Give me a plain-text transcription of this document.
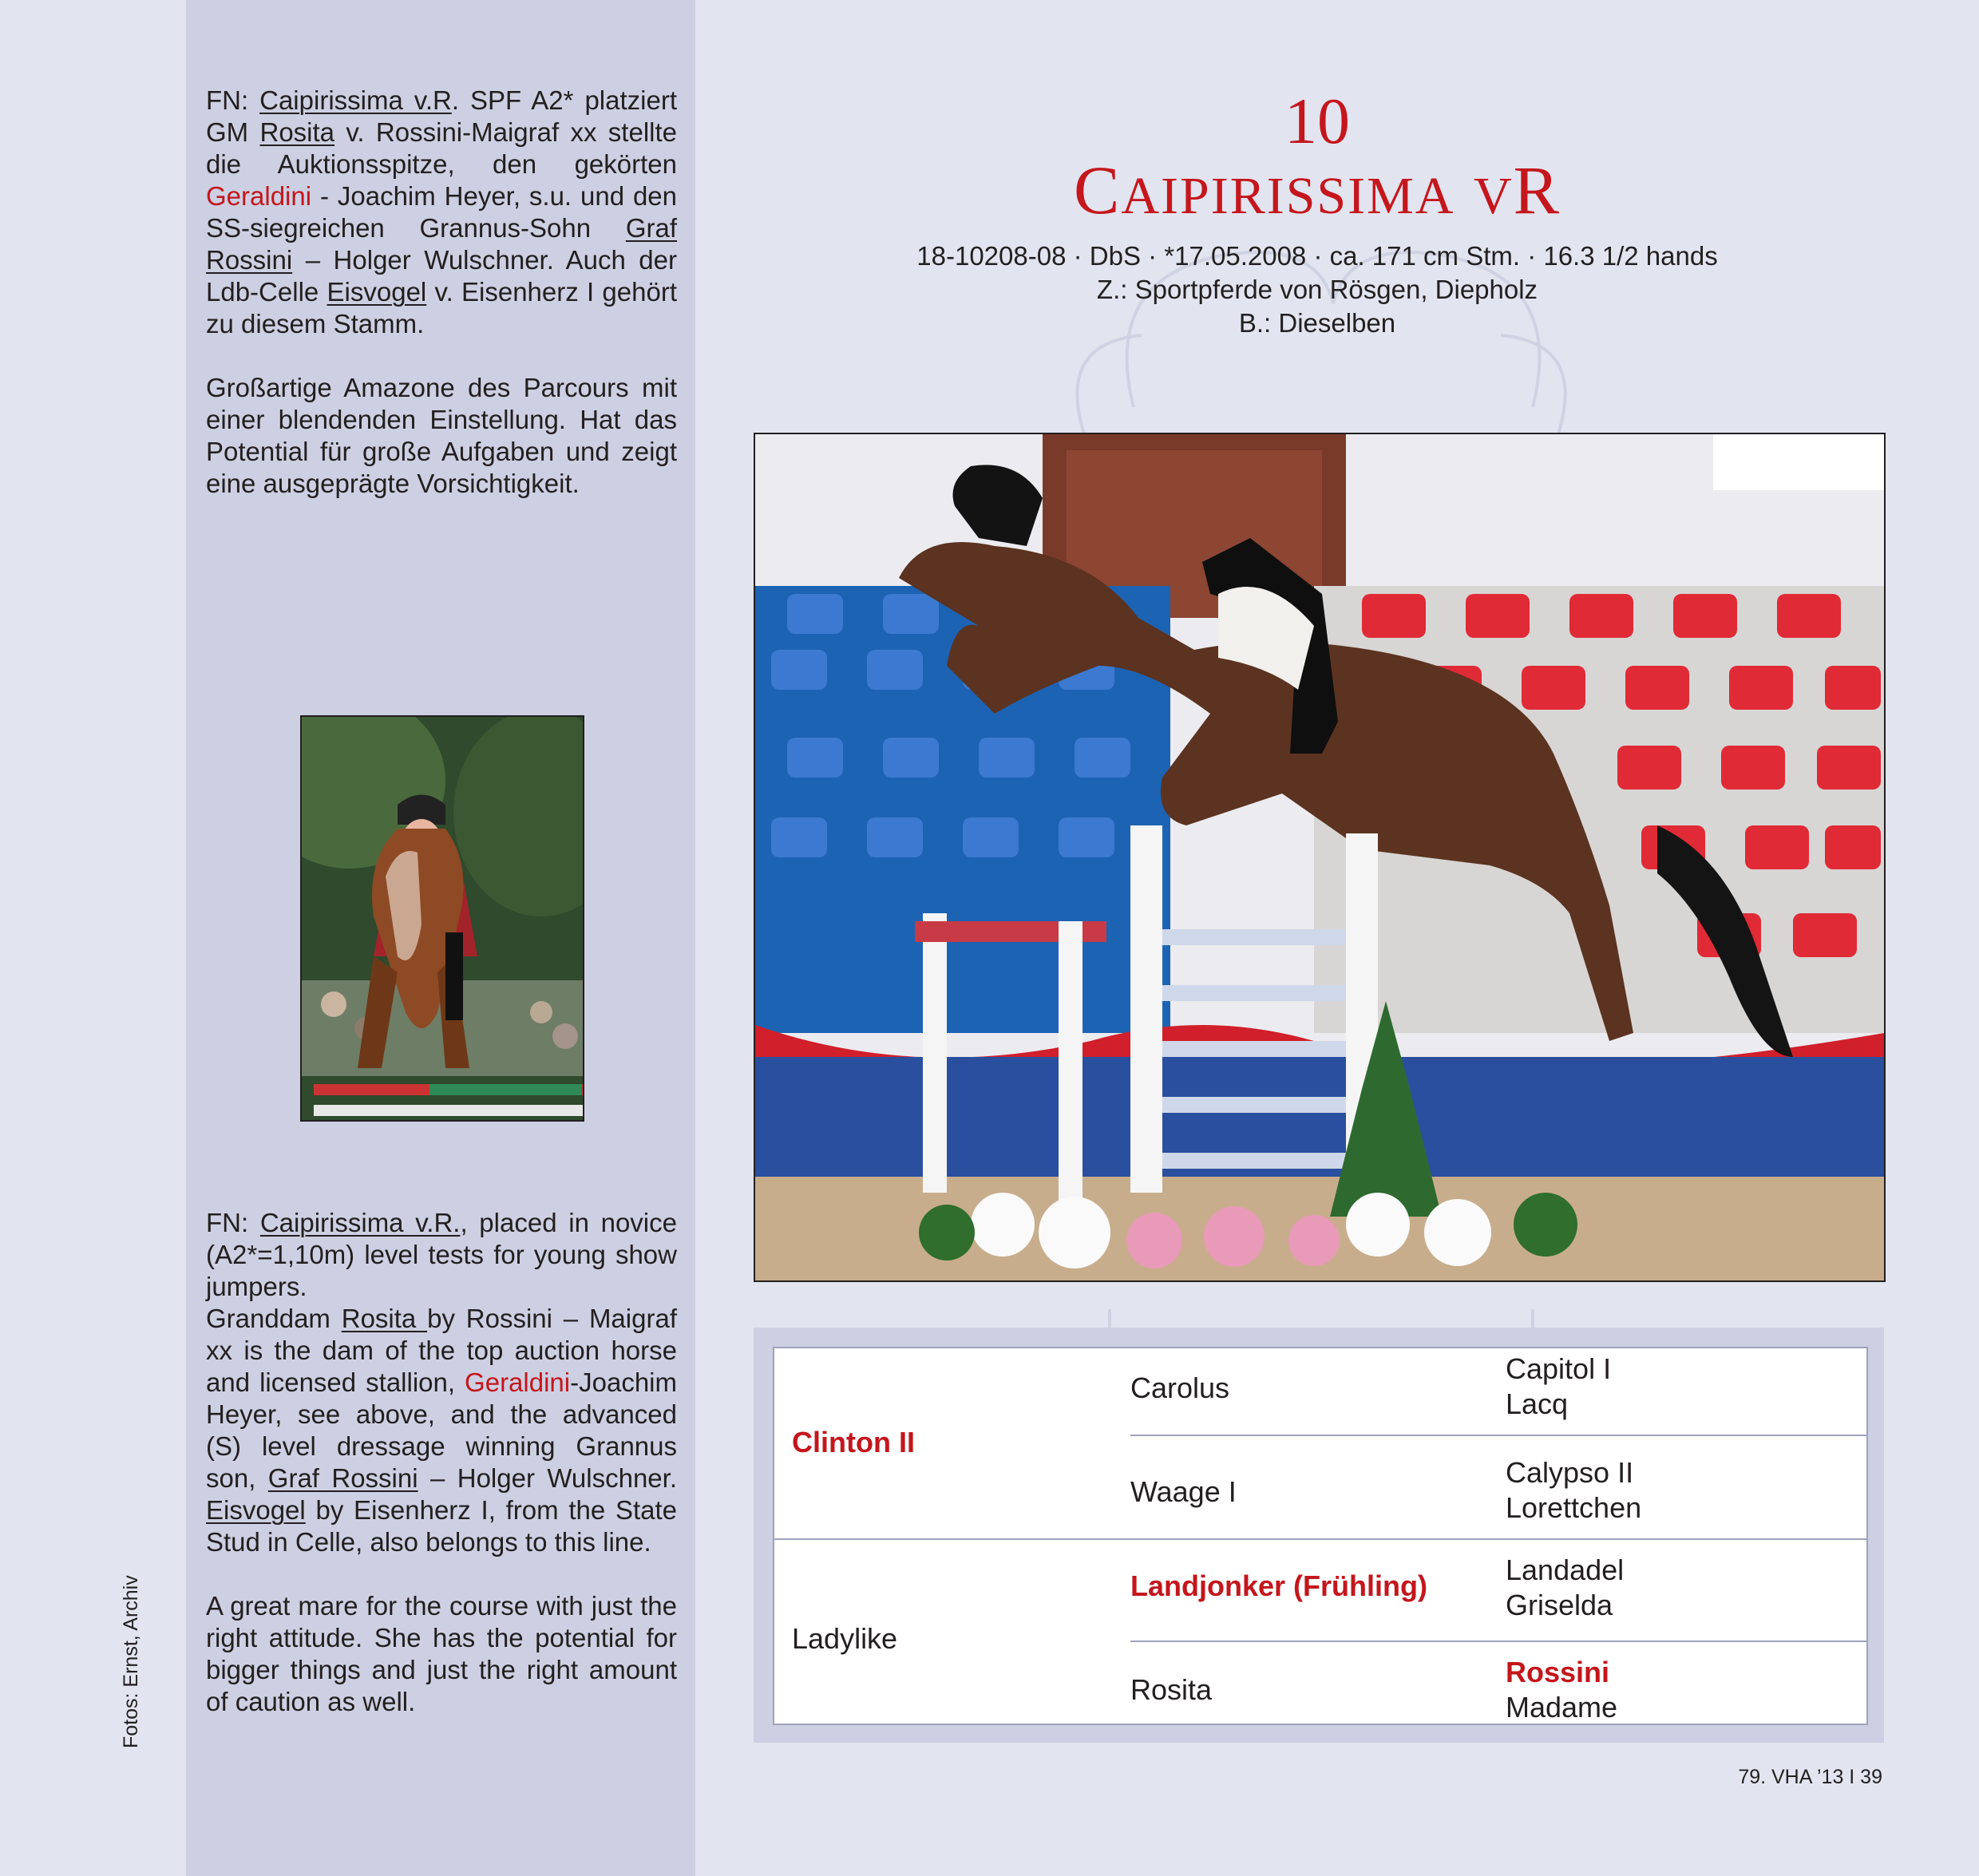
FN: Caipirissima v.R. SPF A2* platziert GM Rosita v. Rossini-Maigraf xx stellte die Auktionsspitze, den gekörten Geraldini - Joachim Heyer, s.u. und den SS-siegreichen Grannus-Sohn Graf Rossini – Holger Wulschner. Auch der Ldb-Celle Eisvogel v. Eisenherz I gehört zu diesem Stamm.

Großartige Amazone des Parcours mit einer blendenden Einstellung. Hat das Potential für große Aufgaben und zeigt eine ausgeprägte Vorsichtigkeit.

FN: Caipirissima v.R., placed in novice (A2*=1,10m) level tests for young show jumpers.

Granddam Rosita by Rossini – Maigraf xx is the dam of the top auction horse and licensed stallion, Geraldini-Joachim Heyer, see above, and the advanced (S) level dressage winning Grannus son, Graf Rossini – Holger Wulschner. Eisvogel by Eisenherz I, from the State Stud in Celle, also belongs to this line.

A great mare for the course with just the right attitude. She has the potential for bigger things and just the right amount of caution as well.

Fotos: Ernst, Archiv
10
CAIPIRISSIMA VR
18-10208-08 · DbS · *17.05.2008 · ca. 171 cm Stm. · 16.3 1/2 hands
Z.: Sportpferde von Rösgen, Diepholz
B.: Dieselben
Clinton II
Ladylike
Carolus
Waage I
Landjonker (Frühling)
Rosita
Capitol I
Lacq
Calypso II
Lorettchen
Landadel
Griselda
Rossini
Madame
79. VHA ’13 I 39
